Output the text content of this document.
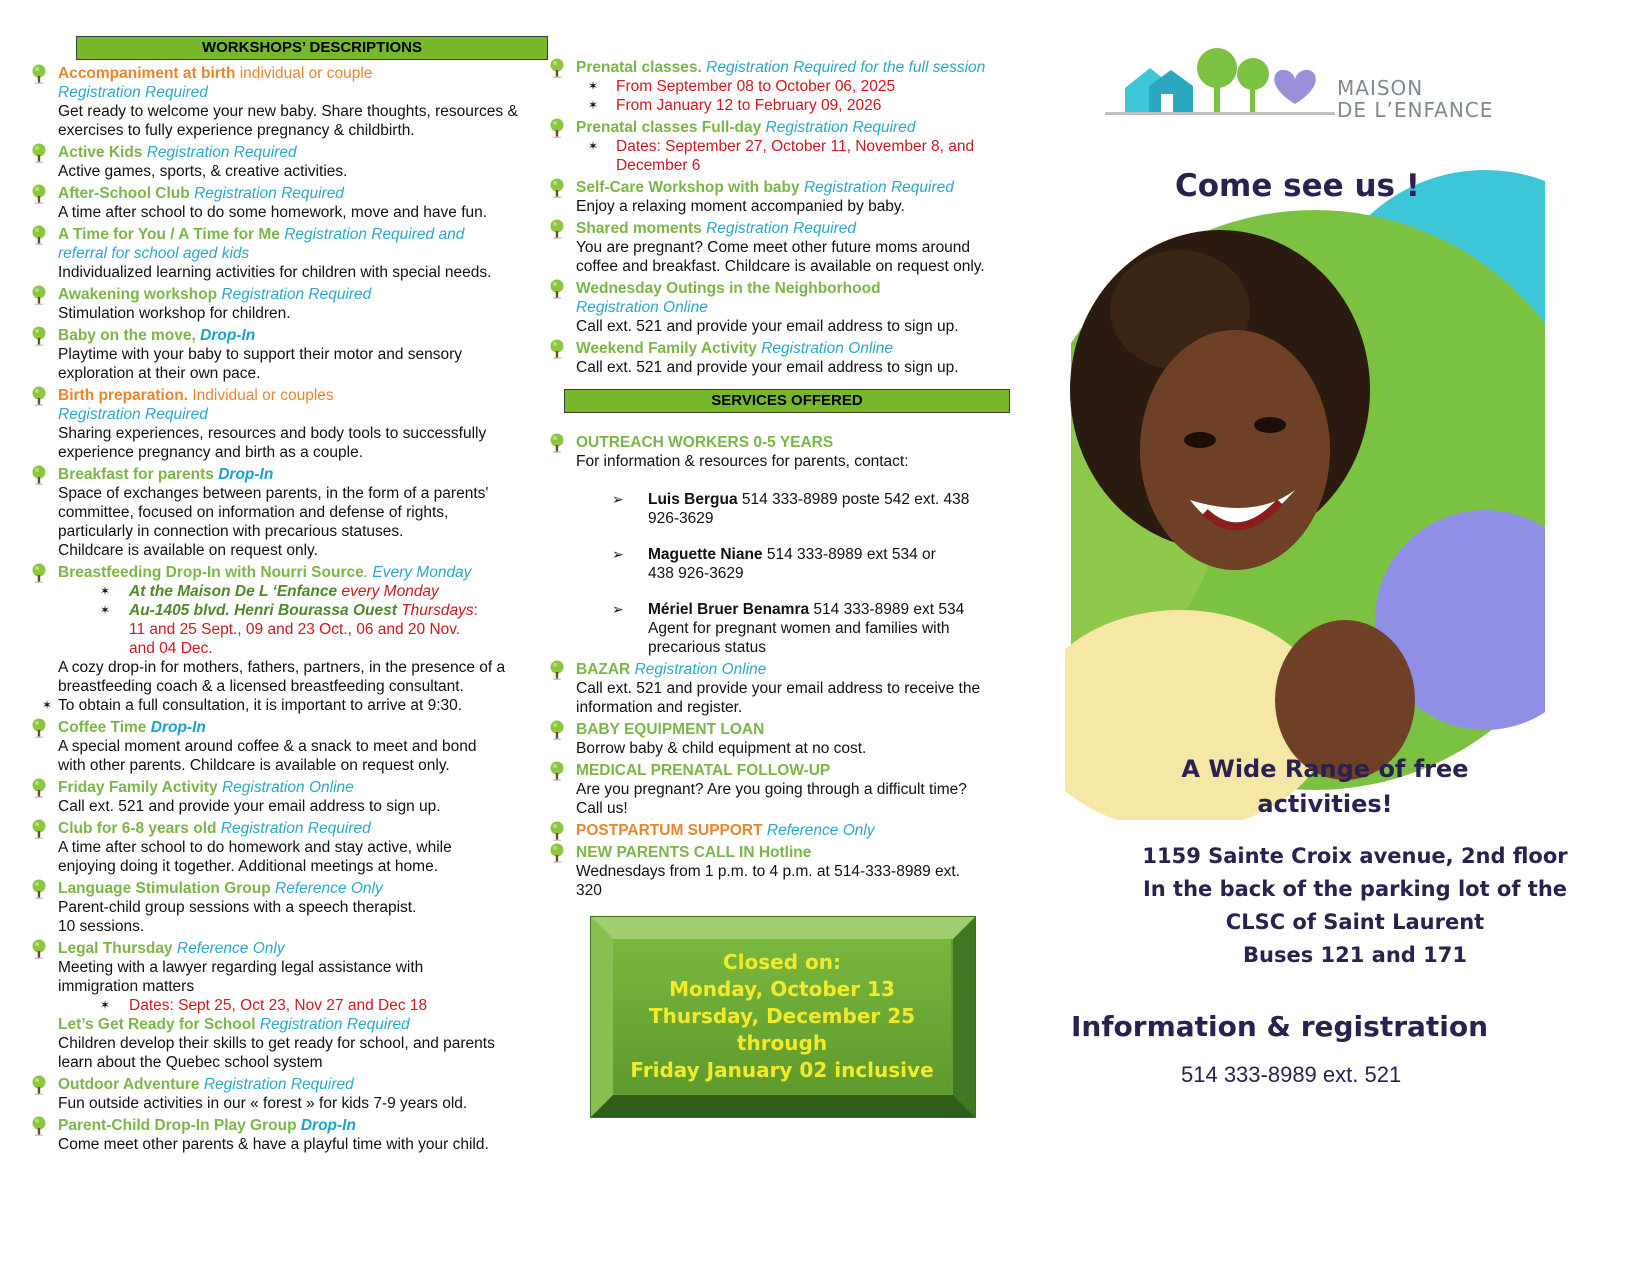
WORKSHOPS’ DESCRIPTIONS
Accompaniment at birth individual or couple
Registration Required
Get ready to welcome your new baby. Share thoughts, resources & exercises to fully experience pregnancy & childbirth.
Active Kids Registration Required
Active games, sports, & creative activities.
After-School Club Registration Required
A time after school to do some homework, move and have fun.
A Time for You / A Time for Me Registration Required and referral for school aged kids
Individualized learning activities for children with special needs.
Awakening workshop Registration Required
Stimulation workshop for children.
Baby on the move, Drop-In
Playtime with your baby to support their motor and sensory exploration at their own pace.
Birth preparation. Individual or couples
Registration Required
Sharing experiences, resources and body tools to successfully experience pregnancy and birth as a couple.
Breakfast for parents Drop-In
Space of exchanges between parents, in the form of a parents' committee, focused on information and defense of rights, particularly in connection with precarious statuses.
Childcare is available on request only.
Breastfeeding Drop-In with Nourri Source. Every Monday
✶ At the Maison De L ‘Enfance every Monday
✶ Au-1405 blvd. Henri Bourassa Ouest Thursdays:
11 and 25 Sept., 09 and 23 Oct., 06 and 20 Nov.
and 04 Dec.
A cozy drop-in for mothers, fathers, partners, in the presence of a breastfeeding coach & a licensed breastfeeding consultant.
✶ To obtain a full consultation, it is important to arrive at 9:30.
Coffee Time Drop-In
A special moment around coffee & a snack to meet and bond with other parents. Childcare is available on request only.
Friday Family Activity Registration Online
Call ext. 521 and provide your email address to sign up.
Club for 6-8 years old Registration Required
A time after school to do homework and stay active, while enjoying doing it together. Additional meetings at home.
Language Stimulation Group Reference Only
Parent-child group sessions with a speech therapist.
10 sessions.
Legal Thursday Reference Only
Meeting with a lawyer regarding legal assistance with immigration matters
✶ Dates: Sept 25, Oct 23, Nov 27 and Dec 18
Let’s Get Ready for School Registration Required
Children develop their skills to get ready for school, and parents learn about the Quebec school system
Outdoor Adventure Registration Required
Fun outside activities in our « forest » for kids 7-9 years old.
Parent-Child Drop-In Play Group Drop-In
Come meet other parents & have a playful time with your child.
Prenatal classes. Registration Required for the full session
✶ From September 08 to October 06, 2025
✶ From January 12 to February 09, 2026
Prenatal classes Full-day Registration Required
✶ Dates: September 27, October 11, November 8, and December 6
Self-Care Workshop with baby Registration Required
Enjoy a relaxing moment accompanied by baby.
Shared moments Registration Required
You are pregnant? Come meet other future moms around coffee and breakfast. Childcare is available on request only.
Wednesday Outings in the Neighborhood
Registration Online
Call ext. 521 and provide your email address to sign up.
Weekend Family Activity Registration Online
Call ext. 521 and provide your email address to sign up.
SERVICES OFFERED
OUTREACH WORKERS 0-5 YEARS
For information & resources for parents, contact:
➢ Luis Bergua 514 333-8989 poste 542 ext. 438 926-3629
➢ Maguette Niane 514 333-8989 ext 534 or 438 926-3629
➢ Mériel Bruer Benamra 514 333-8989 ext 534 Agent for pregnant women and families with precarious status
BAZAR Registration Online
Call ext. 521 and provide your email address to receive the information and register.
BABY EQUIPMENT LOAN
Borrow baby & child equipment at no cost.
MEDICAL PRENATAL FOLLOW-UP
Are you pregnant? Are you going through a difficult time? Call us!
POSTPARTUM SUPPORT Reference Only
NEW PARENTS CALL IN Hotline
Wednesdays from 1 p.m. to 4 p.m. at 514-333-8989 ext. 320
Closed on:
Monday, October 13
Thursday, December 25 through
Friday January 02 inclusive
MAISON
DE L’ENFANCE
Come see us !
A Wide Range of free
activities!
1159 Sainte Croix avenue, 2nd floor
In the back of the parking lot of the
CLSC of Saint Laurent
Buses 121 and 171
Information & registration
514 333-8989 ext. 521
